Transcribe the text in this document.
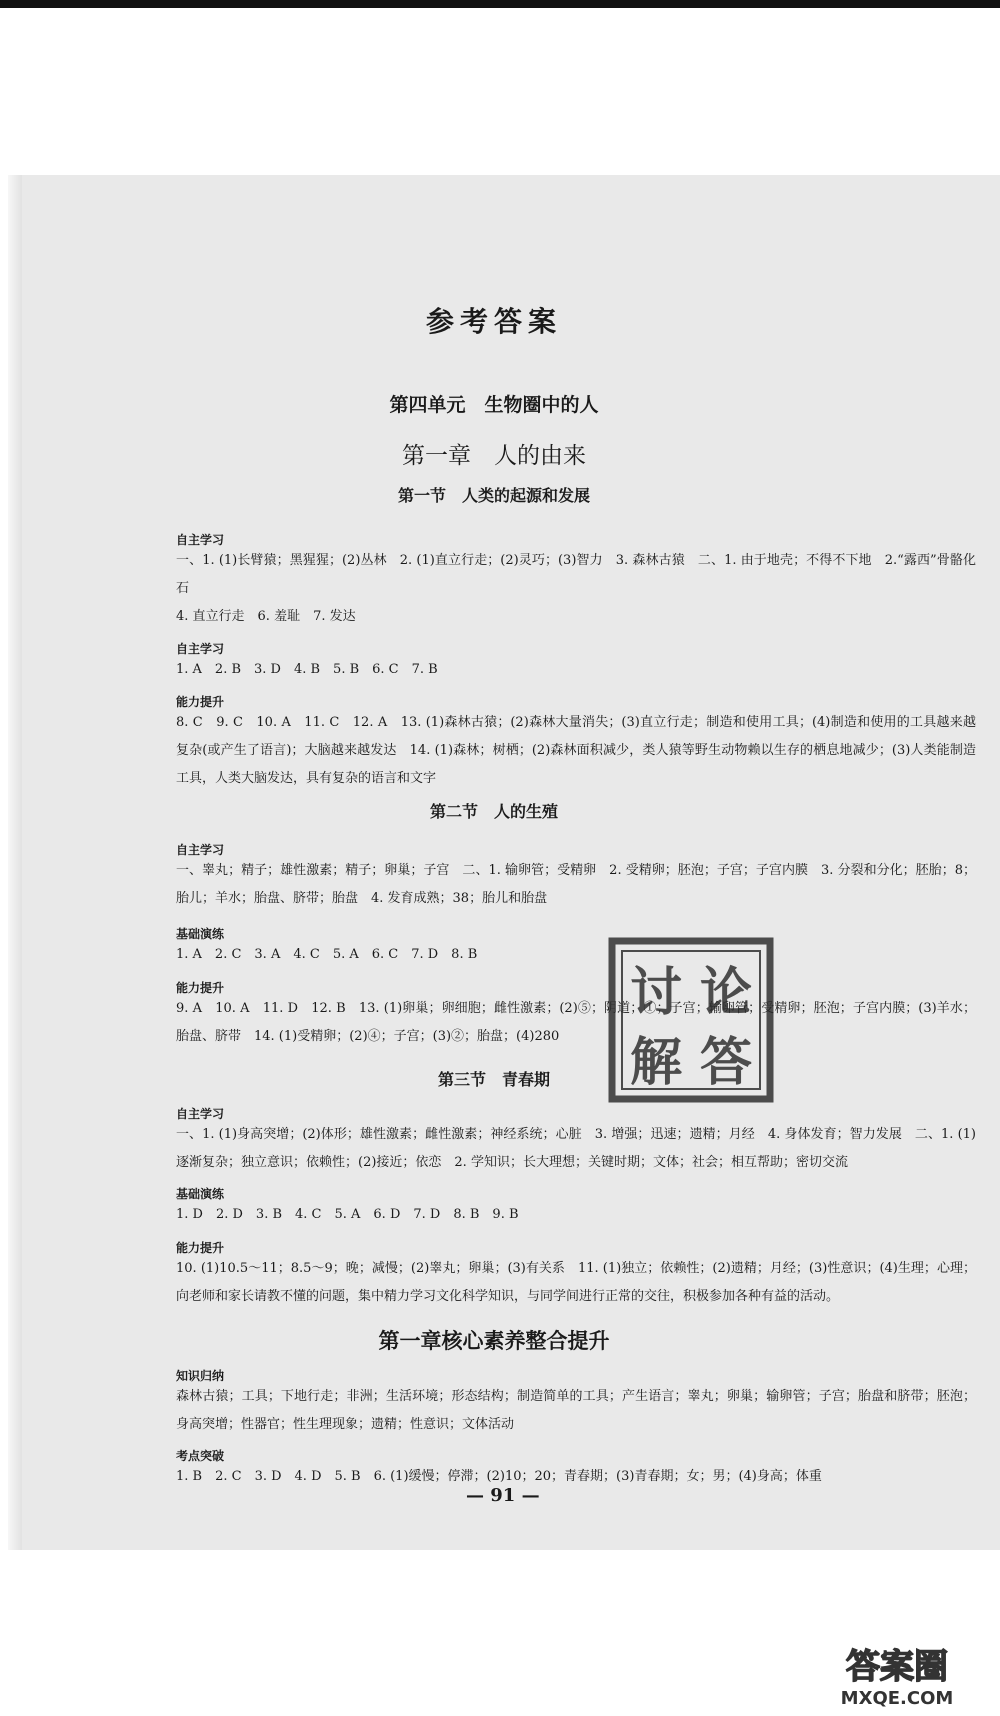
参考答案
第四单元　生物圈中的人
第一章　人的由来
第一节　人类的起源和发展
自主学习
一、1. (1)长臂猿；黑猩猩；(2)丛林　2. (1)直立行走；(2)灵巧；(3)智力　3. 森林古猿　二、1. 由于地壳；不得不下地　2.“露西”骨骼化石
4. 直立行走　6. 羞耻　7. 发达
自主学习
1. A　2. B　3. D　4. B　5. B　6. C　7. B
能力提升
8. C　9. C　10. A　11. C　12. A　13. (1)森林古猿；(2)森林大量消失；(3)直立行走；制造和使用工具；(4)制造和使用的工具越来越复杂(或产生了语言)；大脑越来越发达　14. (1)森林；树栖；(2)森林面积减少，类人猿等野生动物赖以生存的栖息地减少；(3)人类能制造工具，人类大脑发达，具有复杂的语言和文字
第二节　人的生殖
自主学习
一、睾丸；精子；雄性激素；精子；卵巢；子宫　二、1. 输卵管；受精卵　2. 受精卵；胚泡；子宫；子宫内膜　3. 分裂和分化；胚胎；8；胎儿；羊水；胎盘、脐带；胎盘　4. 发育成熟；38；胎儿和胎盘
基础演练
1. A　2. C　3. A　4. C　5. A　6. C　7. D　8. B
能力提升
9. A　10. A　11. D　12. B　13. (1)卵巢；卵细胞；雌性激素；(2)⑤；阴道；①；子宫；输卵管；受精卵；胚泡；子宫内膜；(3)羊水；胎盘、脐带　14. (1)受精卵；(2)④；子宫；(3)②；胎盘；(4)280
第三节　青春期
自主学习
一、1. (1)身高突增；(2)体形；雄性激素；雌性激素；神经系统；心脏　3. 增强；迅速；遗精；月经　4. 身体发育；智力发展　二、1. (1)逐渐复杂；独立意识；依赖性；(2)接近；依恋　2. 学知识；长大理想；关键时期；文体；社会；相互帮助；密切交流
基础演练
1. D　2. D　3. B　4. C　5. A　6. D　7. D　8. B　9. B
能力提升
10. (1)10.5～11；8.5～9；晚；减慢；(2)睾丸；卵巢；(3)有关系　11. (1)独立；依赖性；(2)遗精；月经；(3)性意识；(4)生理；心理；向老师和家长请教不懂的问题，集中精力学习文化科学知识，与同学间进行正常的交往，积极参加各种有益的活动。
第一章核心素养整合提升
知识归纳
森林古猿；工具；下地行走；非洲；生活环境；形态结构；制造简单的工具；产生语言；睾丸；卵巢；输卵管；子宫；胎盘和脐带；胚泡；身高突增；性器官；性生理现象；遗精；性意识；文体活动
考点突破
1. B　2. C　3. D　4. D　5. B　6. (1)缓慢；停滞；(2)10；20；青春期；(3)青春期；女；男；(4)身高；体重
— 91 —
讨 论
解 答
答案圈
MXQE.COM
